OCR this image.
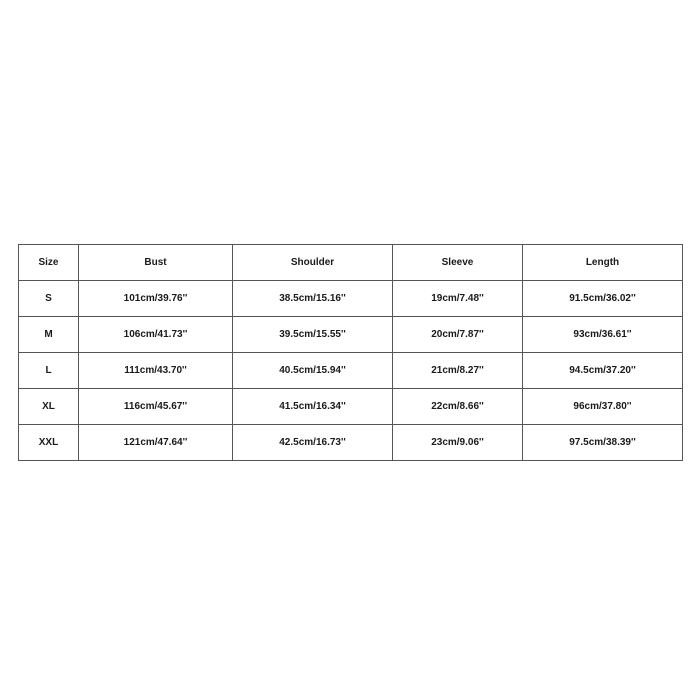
Size	Bust	Shoulder	Sleeve	Length
S	101cm/39.76''	38.5cm/15.16''	19cm/7.48''	91.5cm/36.02''
M	106cm/41.73''	39.5cm/15.55''	20cm/7.87''	93cm/36.61''
L	111cm/43.70''	40.5cm/15.94''	21cm/8.27''	94.5cm/37.20''
XL	116cm/45.67''	41.5cm/16.34''	22cm/8.66''	96cm/37.80''
XXL	121cm/47.64''	42.5cm/16.73''	23cm/9.06''	97.5cm/38.39''
